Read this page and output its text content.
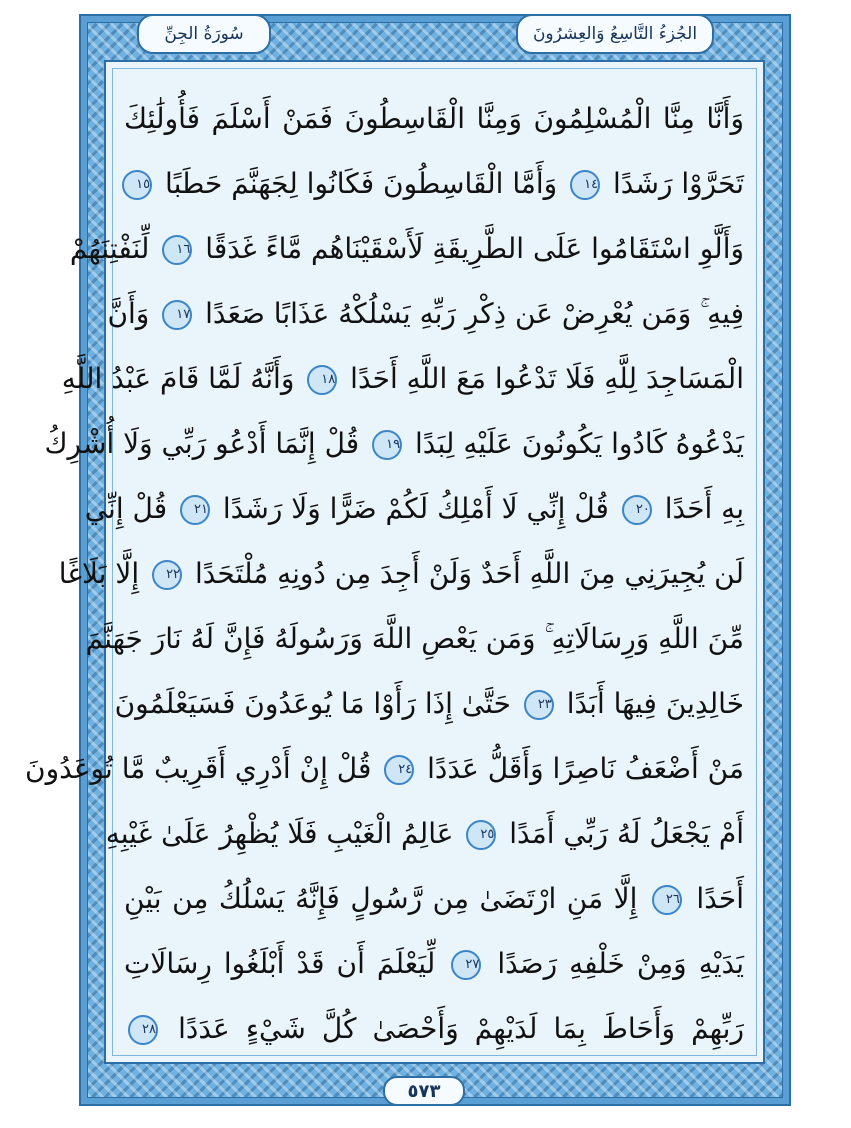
الجُزءُ التَّاسِعُ وَالعِشرُونَ
سُورَةُ الجِنِّ
وَأَنَّا مِنَّا الْمُسْلِمُونَ وَمِنَّا الْقَاسِطُونَ فَمَنْ أَسْلَمَ فَأُولَٰئِكَ
تَحَرَّوْا رَشَدًا ١٤ وَأَمَّا الْقَاسِطُونَ فَكَانُوا لِجَهَنَّمَ حَطَبًا ١٥
وَأَلَّوِ اسْتَقَامُوا عَلَى الطَّرِيقَةِ لَأَسْقَيْنَاهُم مَّاءً غَدَقًا ١٦ لِّنَفْتِنَهُمْ
فِيهِ ۚ وَمَن يُعْرِضْ عَن ذِكْرِ رَبِّهِ يَسْلُكْهُ عَذَابًا صَعَدًا ١٧ وَأَنَّ
الْمَسَاجِدَ لِلَّهِ فَلَا تَدْعُوا مَعَ اللَّهِ أَحَدًا ١٨ وَأَنَّهُ لَمَّا قَامَ عَبْدُ اللَّهِ
يَدْعُوهُ كَادُوا يَكُونُونَ عَلَيْهِ لِبَدًا ١٩ قُلْ إِنَّمَا أَدْعُو رَبِّي وَلَا أُشْرِكُ
بِهِ أَحَدًا ٢٠ قُلْ إِنِّي لَا أَمْلِكُ لَكُمْ ضَرًّا وَلَا رَشَدًا ٢١ قُلْ إِنِّي
لَن يُجِيرَنِي مِنَ اللَّهِ أَحَدٌ وَلَنْ أَجِدَ مِن دُونِهِ مُلْتَحَدًا ٢٢ إِلَّا بَلَاغًا
مِّنَ اللَّهِ وَرِسَالَاتِهِ ۚ وَمَن يَعْصِ اللَّهَ وَرَسُولَهُ فَإِنَّ لَهُ نَارَ جَهَنَّمَ
خَالِدِينَ فِيهَا أَبَدًا ٢٣ حَتَّىٰ إِذَا رَأَوْا مَا يُوعَدُونَ فَسَيَعْلَمُونَ
مَنْ أَضْعَفُ نَاصِرًا وَأَقَلُّ عَدَدًا ٢٤ قُلْ إِنْ أَدْرِي أَقَرِيبٌ مَّا تُوعَدُونَ
أَمْ يَجْعَلُ لَهُ رَبِّي أَمَدًا ٢٥ عَالِمُ الْغَيْبِ فَلَا يُظْهِرُ عَلَىٰ غَيْبِهِ
أَحَدًا ٢٦ إِلَّا مَنِ ارْتَضَىٰ مِن رَّسُولٍ فَإِنَّهُ يَسْلُكُ مِن بَيْنِ
يَدَيْهِ وَمِنْ خَلْفِهِ رَصَدًا ٢٧ لِّيَعْلَمَ أَن قَدْ أَبْلَغُوا رِسَالَاتِ
رَبِّهِمْ وَأَحَاطَ بِمَا لَدَيْهِمْ وَأَحْصَىٰ كُلَّ شَيْءٍ عَدَدًا ٢٨
٥٧٣
